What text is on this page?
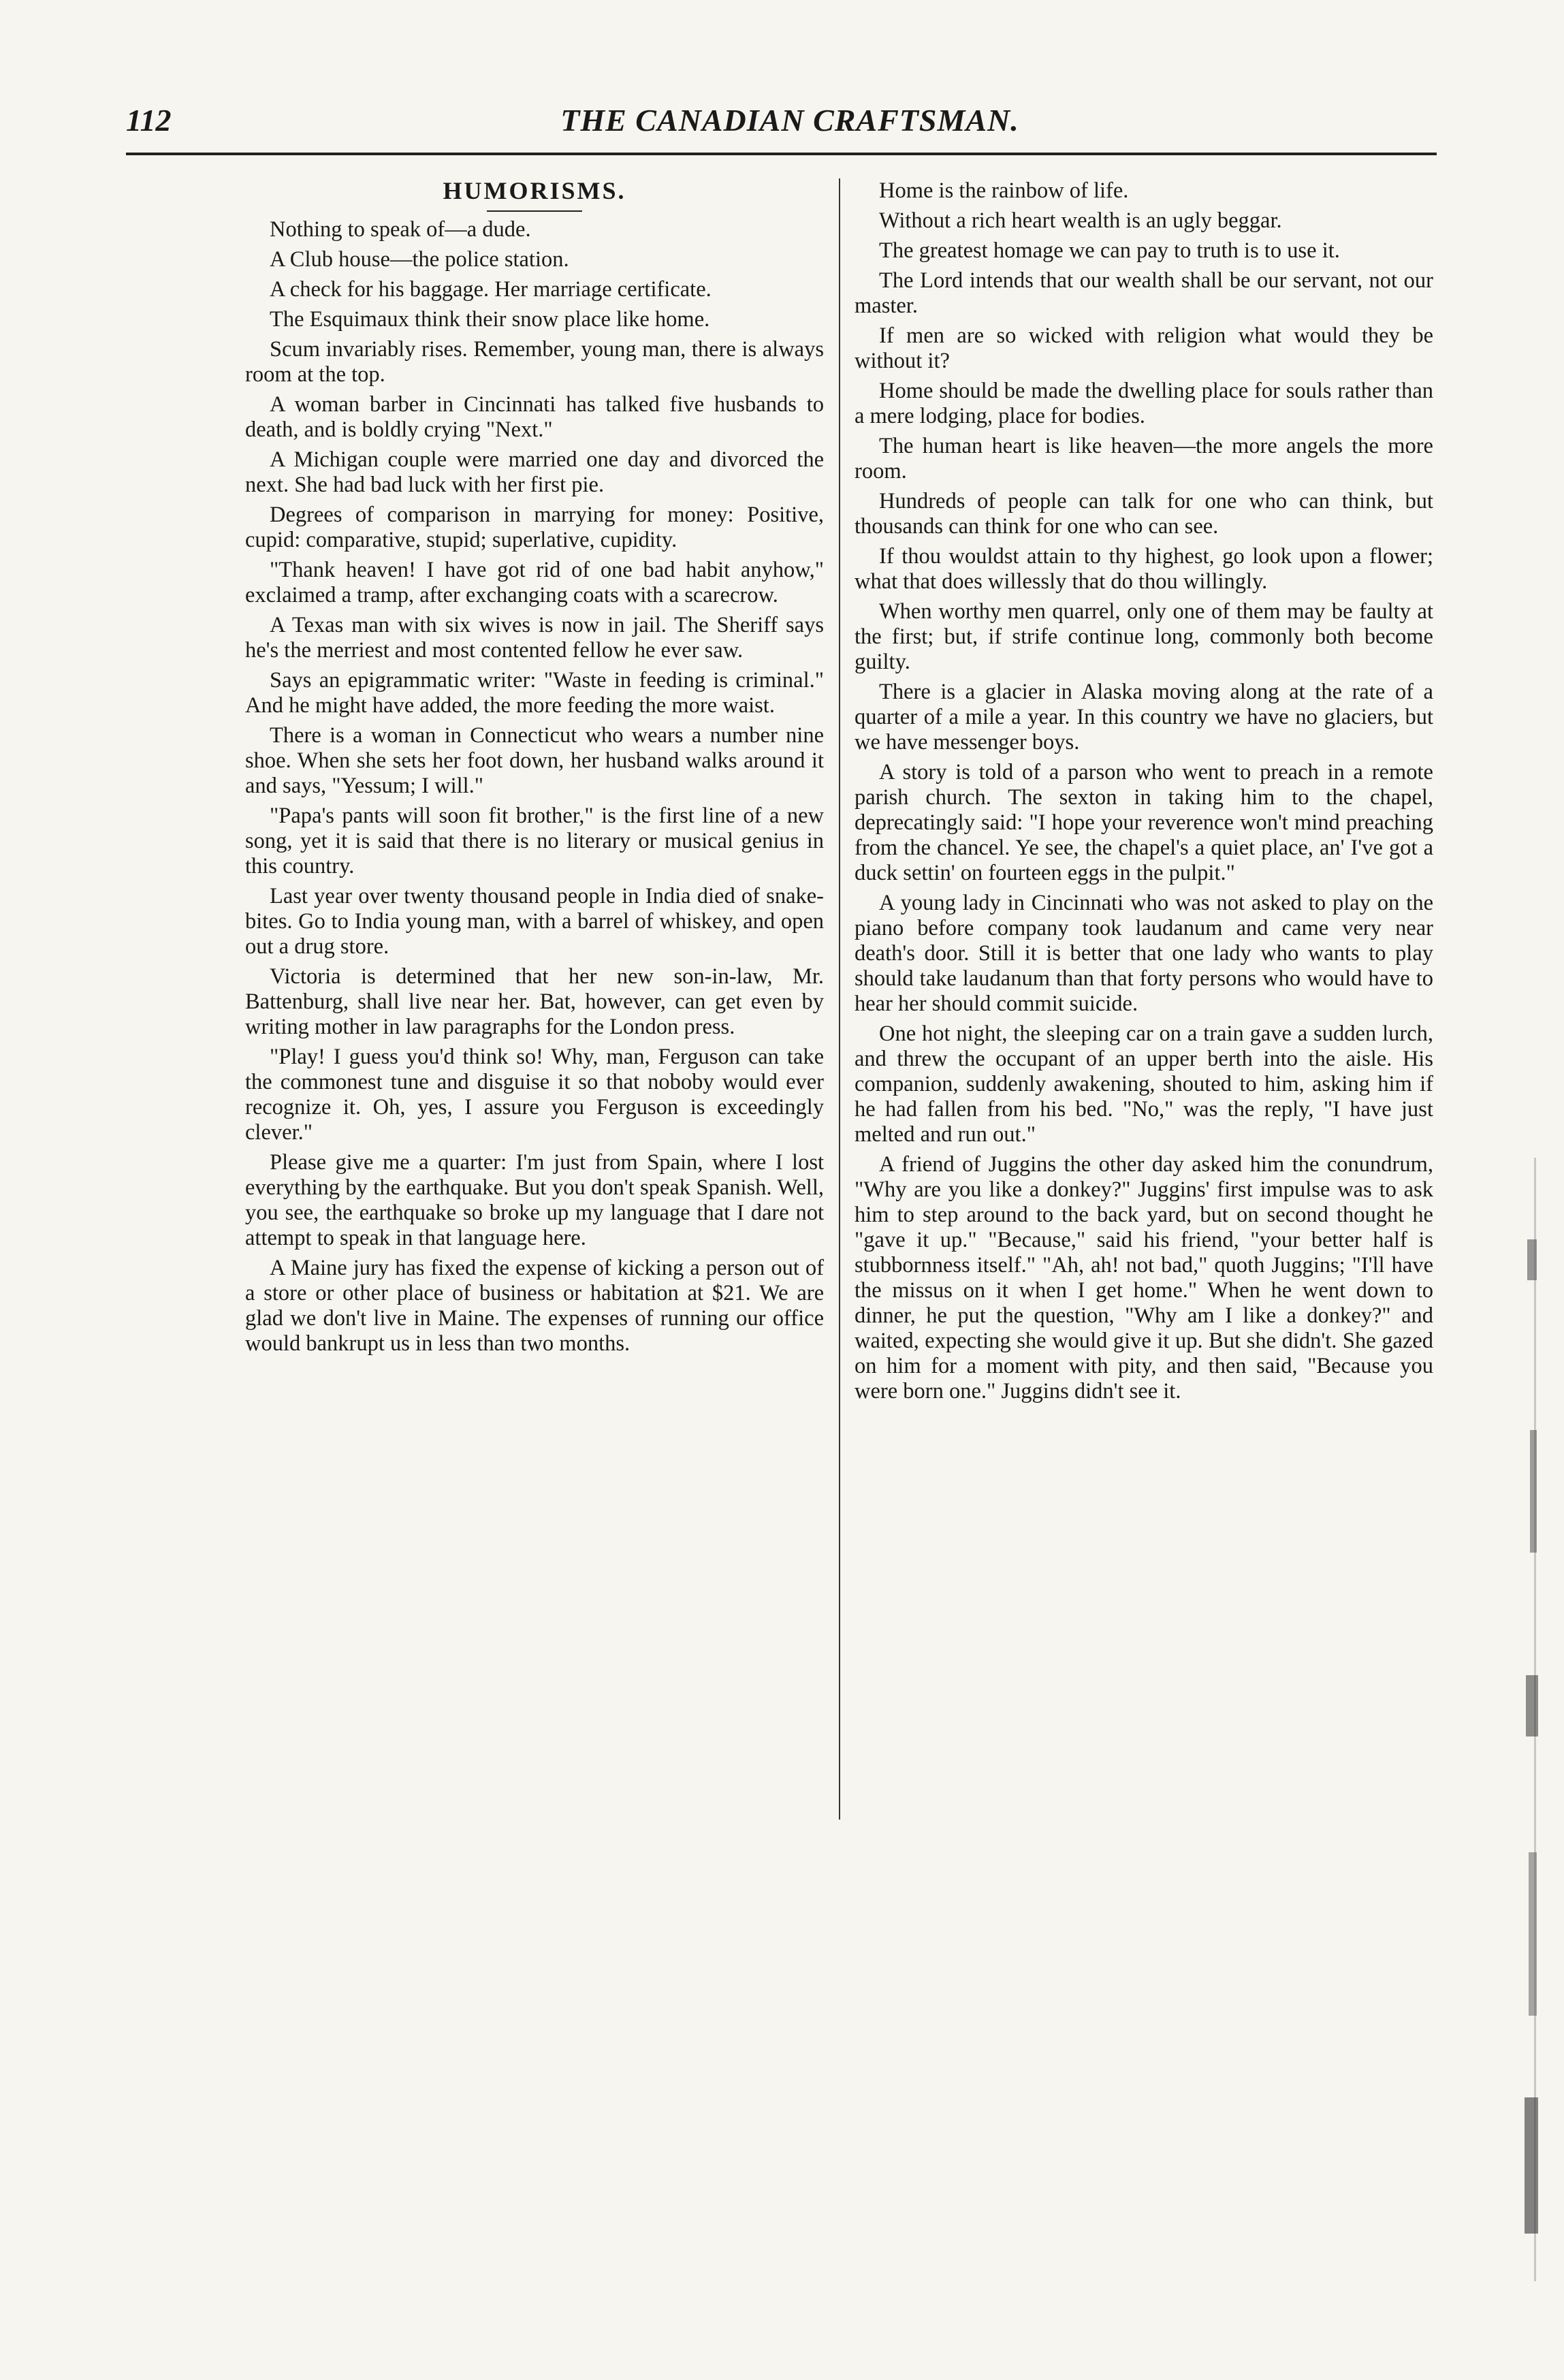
112	THE CANADIAN CRAFTSMAN.
HUMORISMS.

Nothing to speak of—a dude.

A Club house—the police station.

A check for his baggage. Her marriage certificate.

The Esquimaux think their snow place like home.

Scum invariably rises. Remember, young man, there is always room at the top.

A woman barber in Cincinnati has talked five husbands to death, and is boldly crying "Next."

A Michigan couple were married one day and divorced the next. She had bad luck with her first pie.

Degrees of comparison in marrying for money: Positive, cupid: comparative, stupid; superlative, cupidity.

"Thank heaven! I have got rid of one bad habit anyhow," exclaimed a tramp, after exchanging coats with a scarecrow.

A Texas man with six wives is now in jail. The Sheriff says he's the merriest and most contented fellow he ever saw.

Says an epigrammatic writer: "Waste in feeding is criminal." And he might have added, the more feeding the more waist.

There is a woman in Connecticut who wears a number nine shoe. When she sets her foot down, her husband walks around it and says, "Yessum; I will."

"Papa's pants will soon fit brother," is the first line of a new song, yet it is said that there is no literary or musical genius in this country.

Last year over twenty thousand people in India died of snake-bites. Go to India young man, with a barrel of whiskey, and open out a drug store.

Victoria is determined that her new son-in-law, Mr. Battenburg, shall live near her. Bat, however, can get even by writing mother in law paragraphs for the London press.

"Play! I guess you'd think so! Why, man, Ferguson can take the commonest tune and disguise it so that noboby would ever recognize it. Oh, yes, I assure you Ferguson is exceedingly clever."

Please give me a quarter: I'm just from Spain, where I lost everything by the earthquake. But you don't speak Spanish. Well, you see, the earthquake so broke up my language that I dare not attempt to speak in that language here.

A Maine jury has fixed the expense of kicking a person out of a store or other place of business or habitation at $21. We are glad we don't live in Maine. The expenses of running our office would bankrupt us in less than two months.

Home is the rainbow of life.

Without a rich heart wealth is an ugly beggar.

The greatest homage we can pay to truth is to use it.

The Lord intends that our wealth shall be our servant, not our master.

If men are so wicked with religion what would they be without it?

Home should be made the dwelling place for souls rather than a mere lodging, place for bodies.

The human heart is like heaven—the more angels the more room.

Hundreds of people can talk for one who can think, but thousands can think for one who can see.

If thou wouldst attain to thy highest, go look upon a flower; what that does willessly that do thou willingly.

When worthy men quarrel, only one of them may be faulty at the first; but, if strife continue long, commonly both become guilty.

There is a glacier in Alaska moving along at the rate of a quarter of a mile a year. In this country we have no glaciers, but we have messenger boys.

A story is told of a parson who went to preach in a remote parish church. The sexton in taking him to the chapel, deprecatingly said: "I hope your reverence won't mind preaching from the chancel. Ye see, the chapel's a quiet place, an' I've got a duck settin' on fourteen eggs in the pulpit."

A young lady in Cincinnati who was not asked to play on the piano before company took laudanum and came very near death's door. Still it is better that one lady who wants to play should take laudanum than that forty persons who would have to hear her should commit suicide.

One hot night, the sleeping car on a train gave a sudden lurch, and threw the occupant of an upper berth into the aisle. His companion, suddenly awakening, shouted to him, asking him if he had fallen from his bed. "No," was the reply, "I have just melted and run out."

A friend of Juggins the other day asked him the conundrum, "Why are you like a donkey?" Juggins' first impulse was to ask him to step around to the back yard, but on second thought he "gave it up." "Because," said his friend, "your better half is stubbornness itself." "Ah, ah! not bad," quoth Juggins; "I'll have the missus on it when I get home." When he went down to dinner, he put the question, "Why am I like a donkey?" and waited, expecting she would give it up. But she didn't. She gazed on him for a moment with pity, and then said, "Because you were born one." Juggins didn't see it.
